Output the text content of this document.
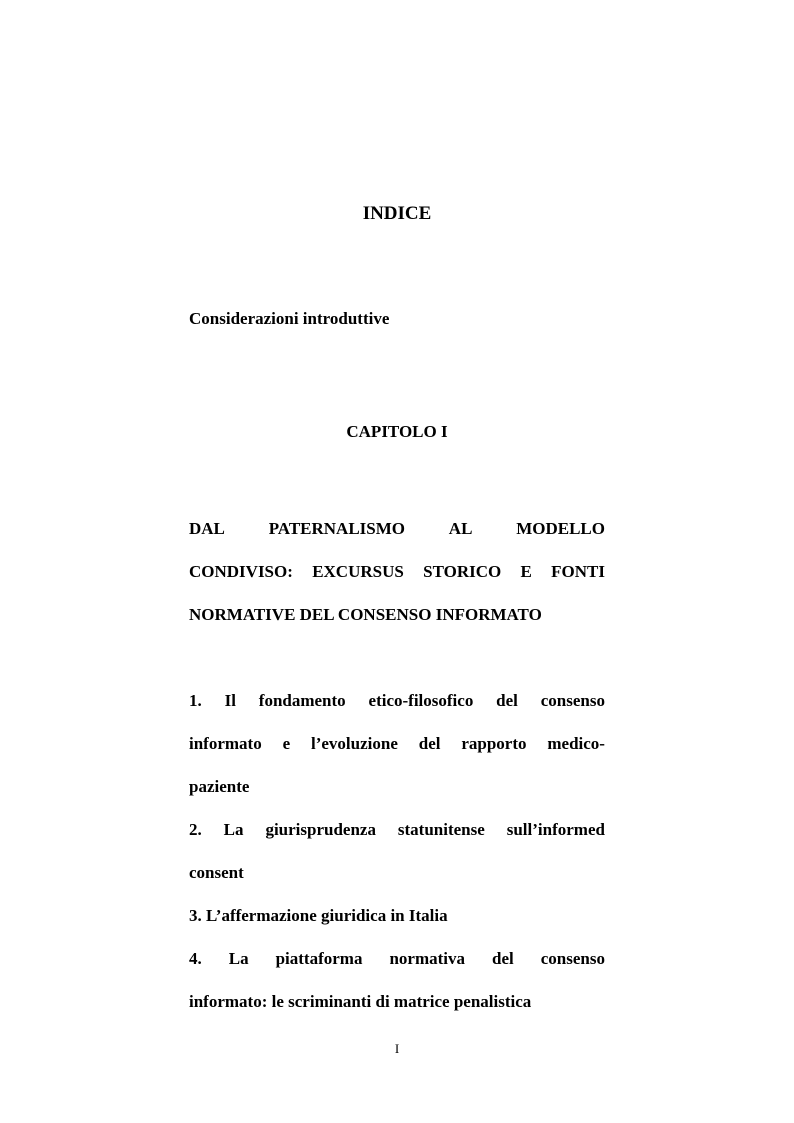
INDICE
Considerazioni introduttive
CAPITOLO I
DAL	PATERNALISMO	AL	MODELLO
CONDIVISO: EXCURSUS STORICO E FONTI
NORMATIVE DEL CONSENSO INFORMATO
1. Il fondamento etico-filosofico del consenso
informato e l’evoluzione del rapporto medico-
paziente
2. La giurisprudenza statunitense sull’informed
consent
3. L’affermazione giuridica in Italia
4. La piattaforma normativa del consenso
informato: le scriminanti di matrice penalistica
I
